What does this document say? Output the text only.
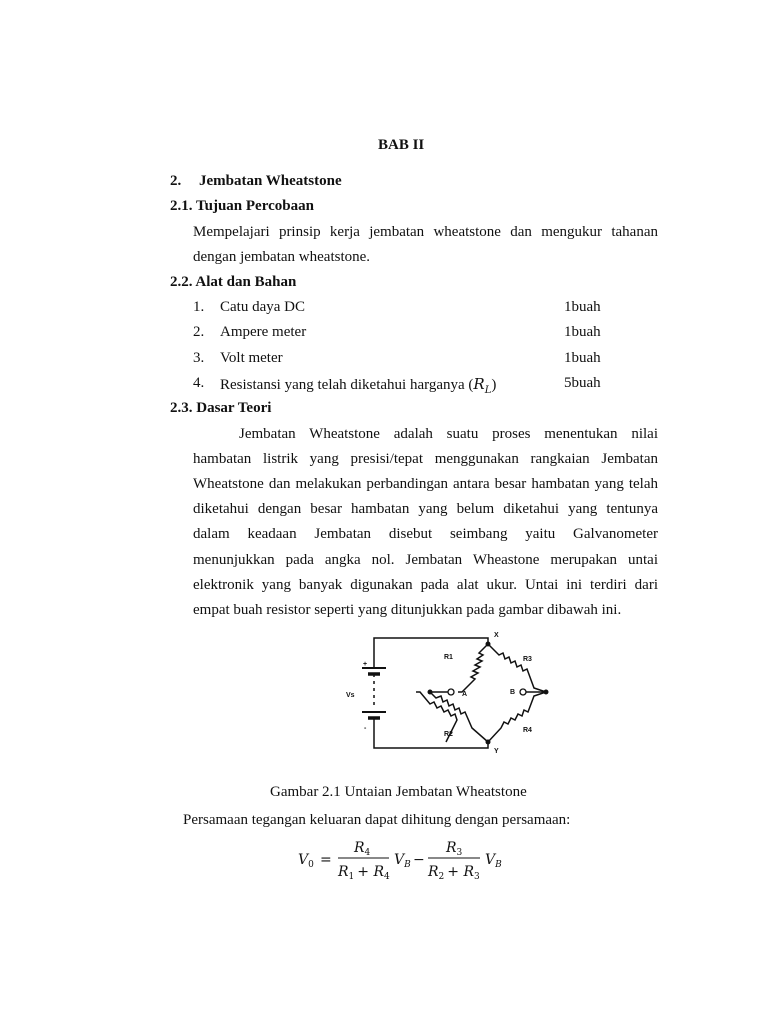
BAB II
2. Jembatan Wheatstone
2.1. Tujuan Percobaan
Mempelajari prinsip kerja jembatan wheatstone dan mengukur tahanan
dengan jembatan wheatstone.
2.2. Alat dan Bahan
1. Catu daya DC	1buah
2. Ampere meter	1buah
3. Volt meter	1buah
4. Resistansi yang telah diketahui harganya $(R_L)$	5buah
2.3. Dasar Teori
Jembatan Wheatstone adalah suatu proses menentukan nilai
hambatan listrik yang presisi/tepat menggunakan rangkaian Jembatan
Wheatstone dan melakukan perbandingan antara besar hambatan yang telah
diketahui dengan besar hambatan yang belum diketahui yang tentunya
dalam keadaan Jembatan disebut seimbang yaitu Galvanometer
menunjukkan pada angka nol. Jembatan Wheastone merupakan untai
elektronik yang banyak digunakan pada alat ukur. Untai ini terdiri dari
empat buah resistor seperti yang ditunjukkan pada gambar dibawah ini.
X
Y
R1
R2
R3
R4
A	B
Vs
+
-
Gambar 2.1 Untaian Jembatan Wheatstone
Persamaan tegangan keluaran dapat dihitung dengan persamaan:
$V_0$ =
$R_4$
$R_1 + R_4$
$V_B$ −
$R_3$
$R_2 + R_3$
$V_B$
